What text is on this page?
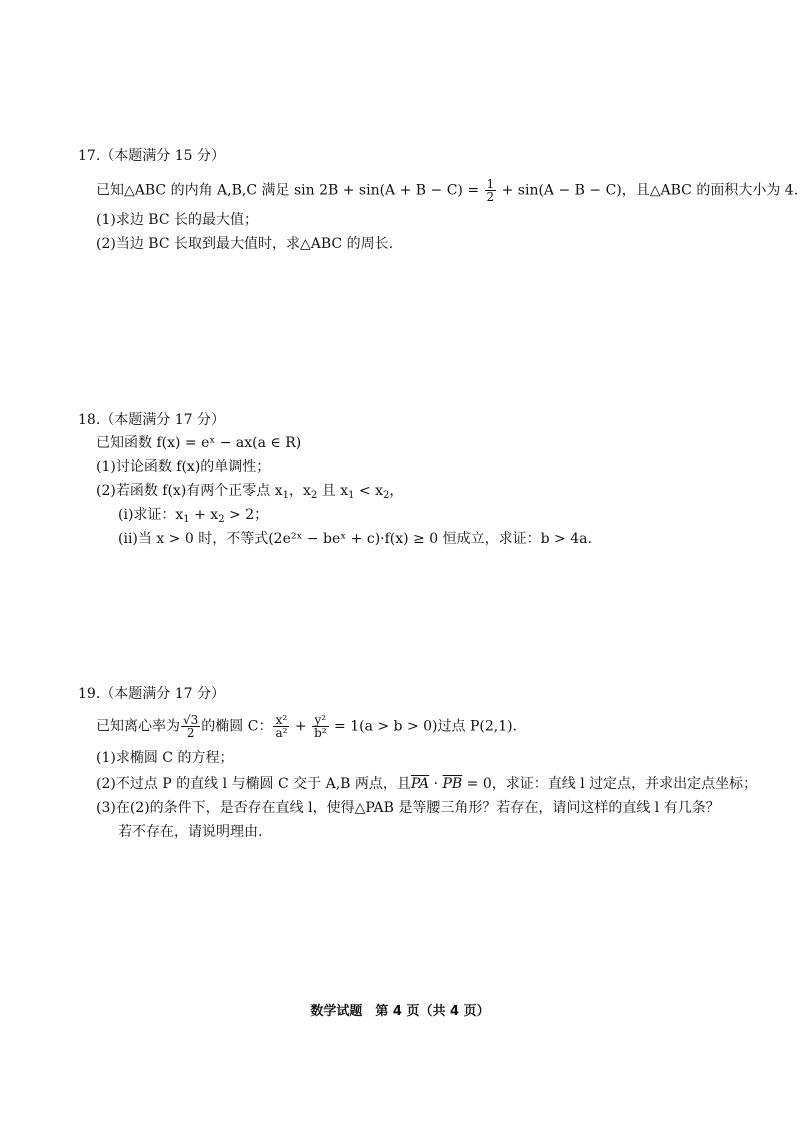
17.（本题满分 15 分）
已知△ABC 的内角 A,B,C 满足 $\sin 2B + \sin(A + B - C) = \frac{1}{2} + \sin(A - B - C)$，且△ABC 的面积大小为 4.
(1)求边 BC 长的最大值；
(2)当边 BC 长取到最大值时，求△ABC 的周长.
18.（本题满分 17 分）
已知函数 f(x) = eˣ − ax(a ∈ R)
(1)讨论函数 f(x)的单调性；
(2)若函数 f(x)有两个正零点 $x_1$，$x_2$ 且 $x_1 < x_2$，
(ⅰ)求证：$x_1 + x_2 > 2$；
(ⅱ)当 x > 0 时，不等式(2e²ˣ − beˣ + c)·f(x) ≥ 0 恒成立，求证：b > 4a.
19.（本题满分 17 分）
已知离心率为 $\frac{√3}{2}$ 的椭圆 C： $\frac{\text{x²}}{\text{a²}} + \frac{\text{y²}}{\text{b²}} = 1(a > b > 0)$过点 P(2,1).
(1)求椭圆 C 的方程；
(2)不过点 P 的直线 l 与椭圆 C 交于 A,B 两点，且$\overline{PA} \cdot \overline{PB} = 0$，求证：直线 l 过定点，并求出定点坐标；
(3)在(2)的条件下，是否存在直线 l，使得△PAB 是等腰三角形？若存在，请问这样的直线 l 有几条？
若不存在，请说明理由.
数学试题　第 4 页（共 4 页）
